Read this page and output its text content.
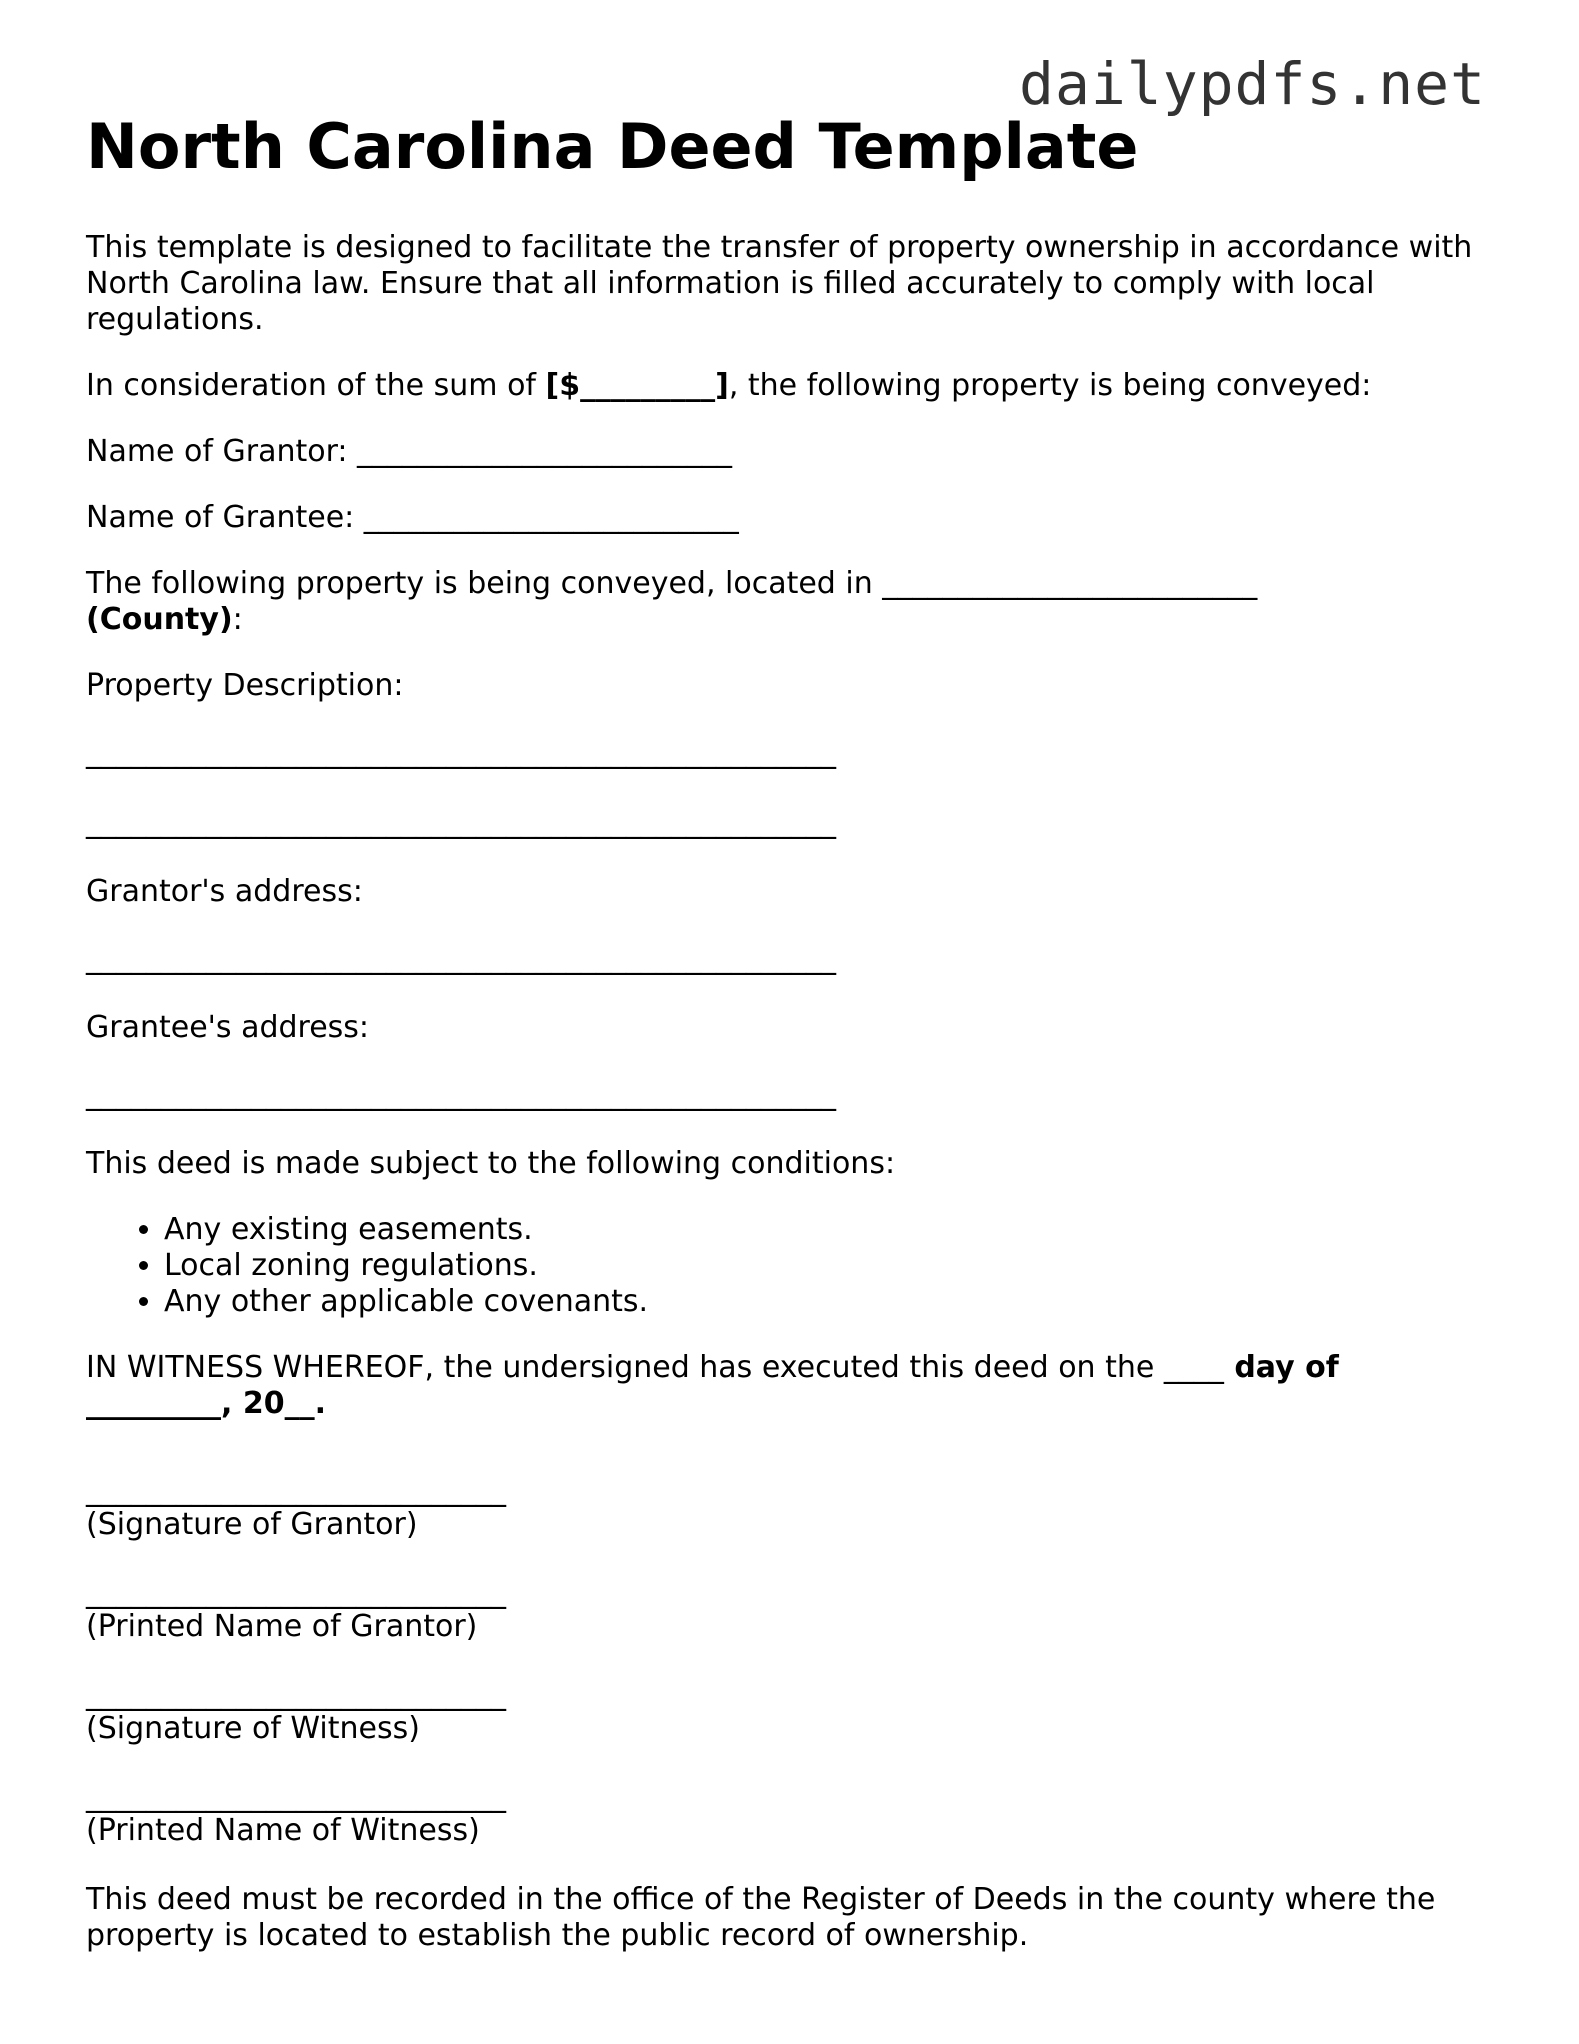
dailypdfs.net
North Carolina Deed Template

This template is designed to facilitate the transfer of property ownership in accordance with North Carolina law. Ensure that all information is filled accurately to comply with local regulations.

In consideration of the sum of [$_________], the following property is being conveyed:

Name of Grantor: _________________________

Name of Grantee: _________________________

The following property is being conveyed, located in _________________________
(County):

Property Description:

__________________________________________________

__________________________________________________

Grantor's address:

__________________________________________________

Grantee's address:

__________________________________________________

This deed is made subject to the following conditions:

• Any existing easements.
• Local zoning regulations.
• Any other applicable covenants.

IN WITNESS WHEREOF, the undersigned has executed this deed on the ____ day of
_________, 20__.

____________________________
(Signature of Grantor)
____________________________
(Printed Name of Grantor)
____________________________
(Signature of Witness)
____________________________
(Printed Name of Witness)

This deed must be recorded in the office of the Register of Deeds in the county where the property is located to establish the public record of ownership.
